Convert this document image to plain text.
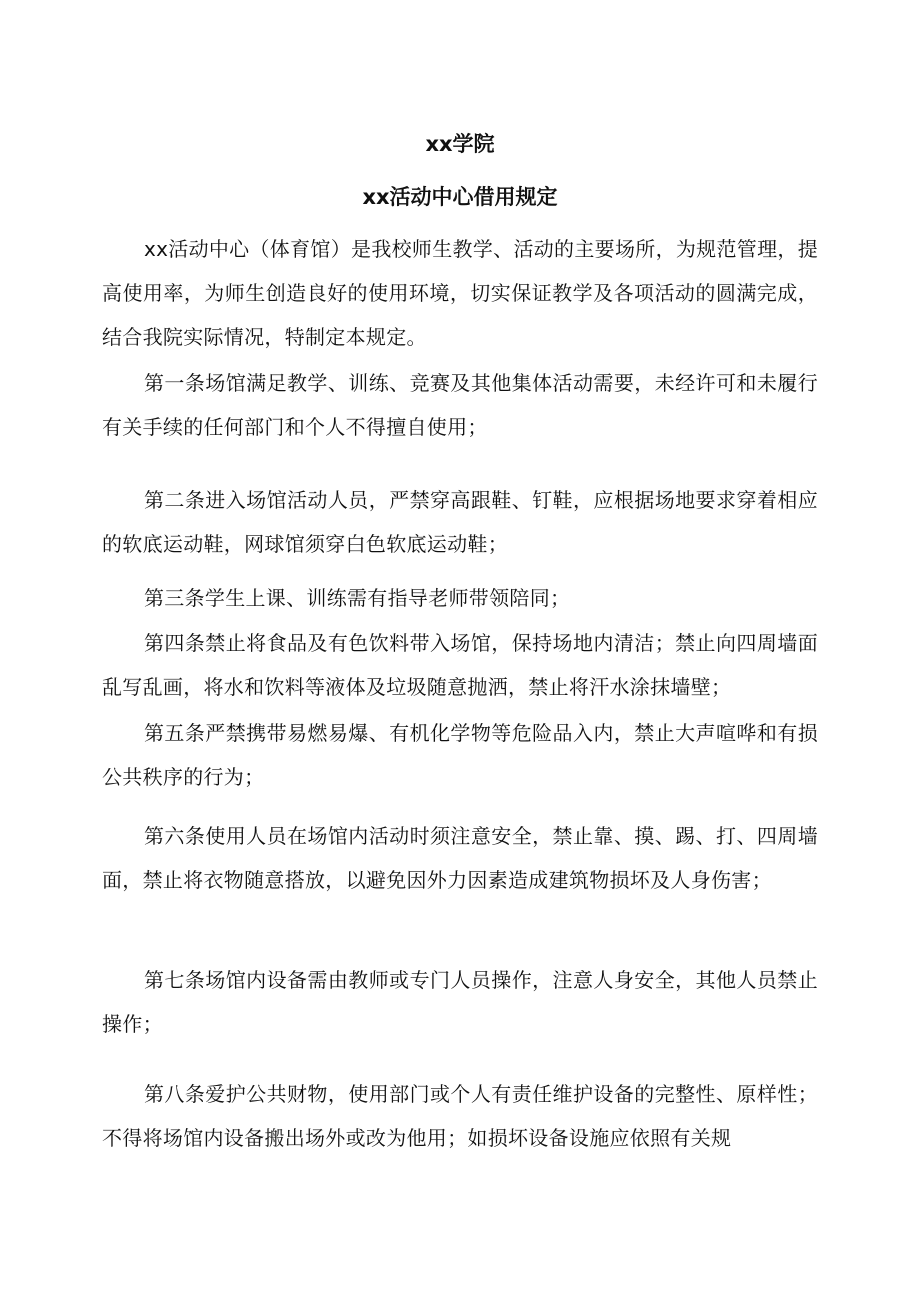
xx学院
xx活动中心借用规定

xx活动中心（体育馆）是我校师生教学、活动的主要场所，为规范管理，提高使用率，为师生创造良好的使用环境，切实保证教学及各项活动的圆满完成，结合我院实际情况，特制定本规定。

第一条场馆满足教学、训练、竞赛及其他集体活动需要，未经许可和未履行有关手续的任何部门和个人不得擅自使用；

第二条进入场馆活动人员，严禁穿高跟鞋、钉鞋，应根据场地要求穿着相应的软底运动鞋，网球馆须穿白色软底运动鞋；

第三条学生上课、训练需有指导老师带领陪同；

第四条禁止将食品及有色饮料带入场馆，保持场地内清洁；禁止向四周墙面乱写乱画，将水和饮料等液体及垃圾随意抛洒，禁止将汗水涂抹墙壁；

第五条严禁携带易燃易爆、有机化学物等危险品入内，禁止大声喧哗和有损公共秩序的行为；

第六条使用人员在场馆内活动时须注意安全，禁止靠、摸、踢、打、四周墙面，禁止将衣物随意搭放，以避免因外力因素造成建筑物损坏及人身伤害；

第七条场馆内设备需由教师或专门人员操作，注意人身安全，其他人员禁止操作；

第八条爱护公共财物，使用部门或个人有责任维护设备的完整性、原样性；不得将场馆内设备搬出场外或改为他用；如损坏设备设施应依照有关规
